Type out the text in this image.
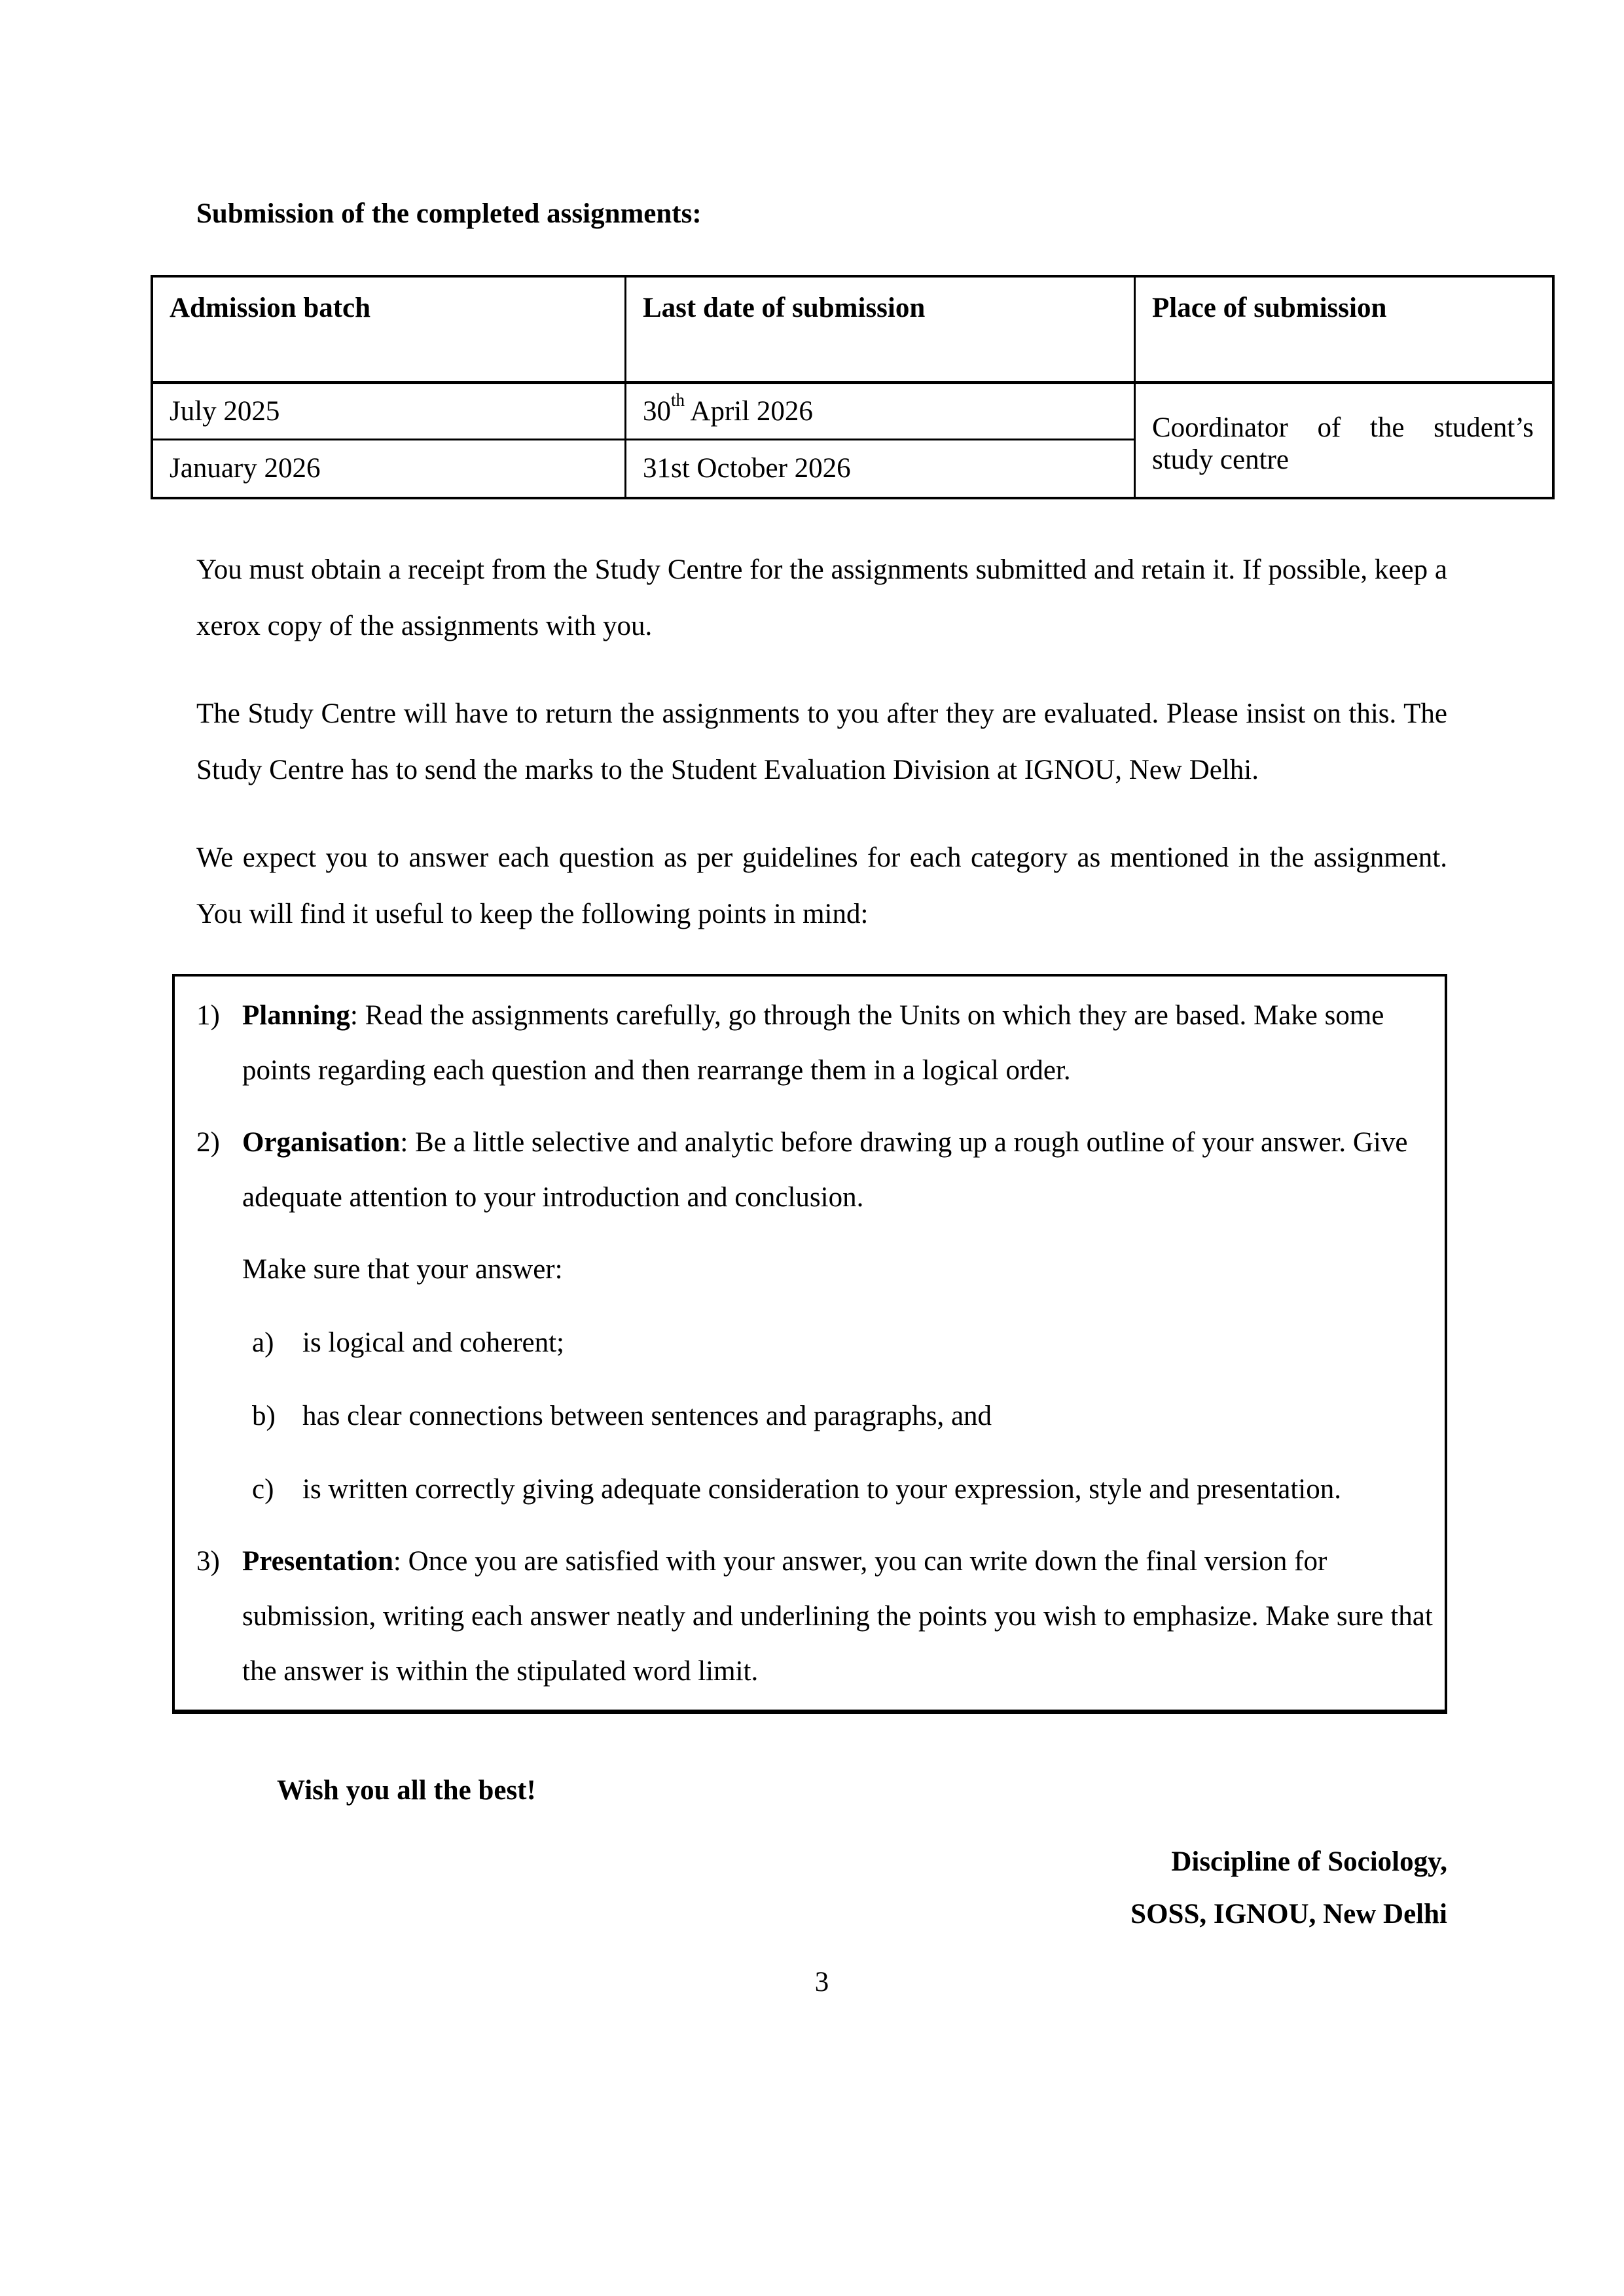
Submission of the completed assignments:
Admission batch	Last date of submission	Place of submission
July 2025	30th April 2026	Coordinator of the student’s study centre
January 2026	31st October 2026	

You must obtain a receipt from the Study Centre for the assignments submitted and retain it. If possible, keep a xerox copy of the assignments with you.

The Study Centre will have to return the assignments to you after they are evaluated. Please insist on this. The Study Centre has to send the marks to the Student Evaluation Division at IGNOU, New Delhi.

We expect you to answer each question as per guidelines for each category as mentioned in the assignment. You will find it useful to keep the following points in mind:

1) Planning: Read the assignments carefully, go through the Units on which they are based. Make some points regarding each question and then rearrange them in a logical order.

2) Organisation: Be a little selective and analytic before drawing up a rough outline of your answer. Give adequate attention to your introduction and conclusion.

Make sure that your answer:

a)	is logical and coherent;
b) has clear connections between sentences and paragraphs, and
c)	is written correctly giving adequate consideration to your expression, style and presentation.
3) Presentation: Once you are satisfied with your answer, you can write down the final version for submission, writing each answer neatly and underlining the points you wish to emphasize. Make sure that the answer is within the stipulated word limit.

Wish you all the best!

Discipline of Sociology,
SOSS, IGNOU, New Delhi
3
